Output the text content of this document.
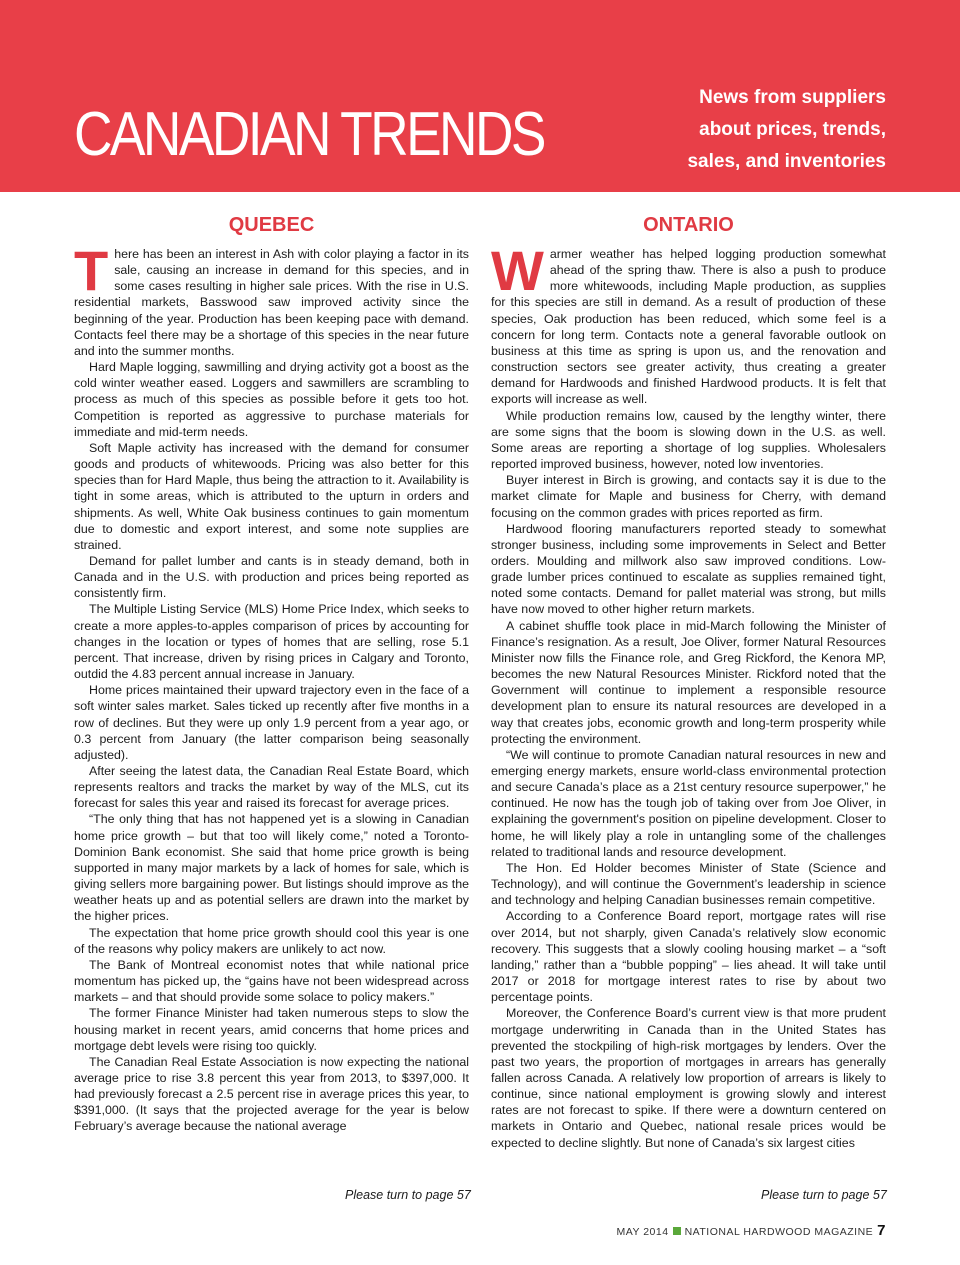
CANADIAN TRENDS
News from suppliers
about prices, trends,
sales, and inventories
QUEBEC

There has been an interest in Ash with color playing a factor in its sale, causing an increase in demand for this species, and in some cases resulting in higher sale prices. With the rise in U.S. residential markets, Basswood saw improved activity since the beginning of the year. Production has been keeping pace with demand. Contacts feel there may be a shortage of this species in the near future and into the summer months.

Hard Maple logging, sawmilling and drying activity got a boost as the cold winter weather eased. Loggers and sawmillers are scrambling to process as much of this species as possible before it gets too hot. Competition is reported as aggressive to purchase materials for immediate and mid-term needs.

Soft Maple activity has increased with the demand for consumer goods and products of whitewoods. Pricing was also better for this species than for Hard Maple, thus being the attraction to it. Availability is tight in some areas, which is attributed to the upturn in orders and shipments. As well, White Oak business continues to gain momentum due to domestic and export interest, and some note supplies are strained.

Demand for pallet lumber and cants is in steady demand, both in Canada and in the U.S. with production and prices being reported as consistently firm.

The Multiple Listing Service (MLS) Home Price Index, which seeks to create a more apples-to-apples comparison of prices by accounting for changes in the location or types of homes that are selling, rose 5.1 percent. That increase, driven by rising prices in Calgary and Toronto, outdid the 4.83 percent annual increase in January.

Home prices maintained their upward trajectory even in the face of a soft winter sales market. Sales ticked up recently after five months in a row of declines. But they were up only 1.9 percent from a year ago, or 0.3 percent from January (the latter comparison being seasonally adjusted).

After seeing the latest data, the Canadian Real Estate Board, which represents realtors and tracks the market by way of the MLS, cut its forecast for sales this year and raised its forecast for average prices.

“The only thing that has not happened yet is a slowing in Canadian home price growth – but that too will likely come,” noted a Toronto-Dominion Bank economist. She said that home price growth is being supported in many major markets by a lack of homes for sale, which is giving sellers more bargaining power. But listings should improve as the weather heats up and as potential sellers are drawn into the market by the higher prices.

The expectation that home price growth should cool this year is one of the reasons why policy makers are unlikely to act now.

The Bank of Montreal economist notes that while national price momentum has picked up, the “gains have not been widespread across markets – and that should provide some solace to policy makers.”

The former Finance Minister had taken numerous steps to slow the housing market in recent years, amid concerns that home prices and mortgage debt levels were rising too quickly.

The Canadian Real Estate Association is now expecting the national average price to rise 3.8 percent this year from 2013, to $397,000. It had previously forecast a 2.5 percent rise in average prices this year, to $391,000. (It says that the projected average for the year is below February’s average because the national average

ONTARIO

Warmer weather has helped logging production somewhat ahead of the spring thaw. There is also a push to produce more whitewoods, including Maple production, as supplies for this species are still in demand. As a result of production of these species, Oak production has been reduced, which some feel is a concern for long term. Contacts note a general favorable outlook on business at this time as spring is upon us, and the renovation and construction sectors see greater activity, thus creating a greater demand for Hardwoods and finished Hardwood products. It is felt that exports will increase as well.

While production remains low, caused by the lengthy winter, there are some signs that the boom is slowing down in the U.S. as well. Some areas are reporting a shortage of log supplies. Wholesalers reported improved business, however, noted low inventories.

Buyer interest in Birch is growing, and contacts say it is due to the market climate for Maple and business for Cherry, with demand focusing on the common grades with prices reported as firm.

Hardwood flooring manufacturers reported steady to somewhat stronger business, including some improvements in Select and Better orders. Moulding and millwork also saw improved conditions. Low-grade lumber prices continued to escalate as supplies remained tight, noted some contacts. Demand for pallet material was strong, but mills have now moved to other higher return markets.

A cabinet shuffle took place in mid-March following the Minister of Finance’s resignation. As a result, Joe Oliver, former Natural Resources Minister now fills the Finance role, and Greg Rickford, the Kenora MP, becomes the new Natural Resources Minister. Rickford noted that the Government will continue to implement a responsible resource development plan to ensure its natural resources are developed in a way that creates jobs, economic growth and long-term prosperity while protecting the environment.

“We will continue to promote Canadian natural resources in new and emerging energy markets, ensure world-class environmental protection and secure Canada’s place as a 21st century resource superpower,” he continued. He now has the tough job of taking over from Joe Oliver, in explaining the government's position on pipeline development. Closer to home, he will likely play a role in untangling some of the challenges related to traditional lands and resource development.

The Hon. Ed Holder becomes Minister of State (Science and Technology), and will continue the Government’s leadership in science and technology and helping Canadian businesses remain competitive.

According to a Conference Board report, mortgage rates will rise over 2014, but not sharply, given Canada’s relatively slow economic recovery. This suggests that a slowly cooling housing market – a “soft landing,” rather than a “bubble popping” – lies ahead. It will take until 2017 or 2018 for mortgage interest rates to rise by about two percentage points.

Moreover, the Conference Board’s current view is that more prudent mortgage underwriting in Canada than in the United States has prevented the stockpiling of high-risk mortgages by lenders. Over the past two years, the proportion of mortgages in arrears has generally fallen across Canada. A relatively low proportion of arrears is likely to continue, since national employment is growing slowly and interest rates are not forecast to spike. If there were a downturn centered on markets in Ontario and Quebec, national resale prices would be expected to decline slightly. But none of Canada’s six largest cities

Please turn to page 57	Please turn to page 57
MAY 2014 NATIONAL HARDWOOD MAGAZINE 7
